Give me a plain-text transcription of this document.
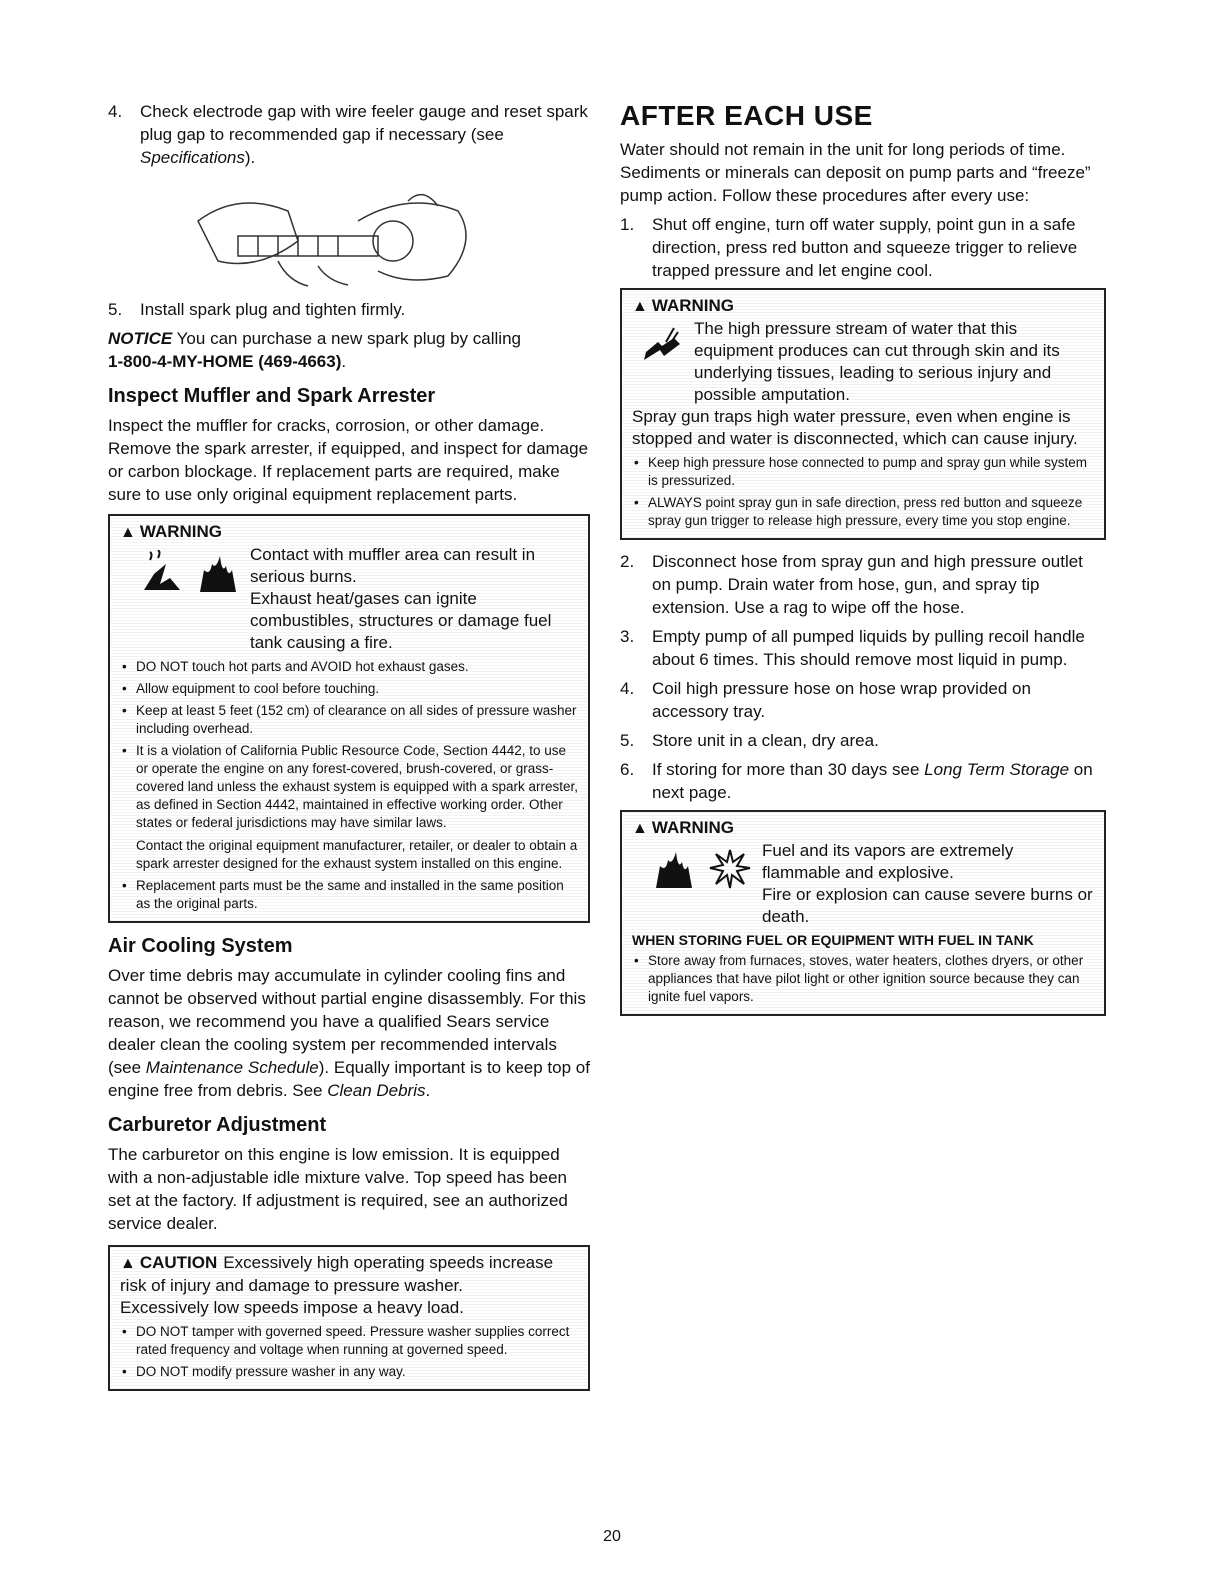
4.	Check electrode gap with wire feeler gauge and reset spark plug gap to recommended gap if necessary (see Specifications).
5.	Install spark plug and tighten firmly.

NOTICE You can purchase a new spark plug by calling
1-800-4-MY-HOME (469-4663).

Inspect Muffler and Spark Arrester

Inspect the muffler for cracks, corrosion, or other damage. Remove the spark arrester, if equipped, and inspect for damage or carbon blockage. If replacement parts are required, make sure to use only original equipment replacement parts.

▲ WARNING

Contact with muffler area can result in serious burns.

Exhaust heat/gases can ignite combustibles, structures or damage fuel tank causing a fire.

• DO NOT touch hot parts and AVOID hot exhaust gases.
• Allow equipment to cool before touching.
• Keep at least 5 feet (152 cm) of clearance on all sides of pressure washer including overhead.
• It is a violation of California Public Resource Code, Section 4442, to use or operate the engine on any forest-covered, brush-covered, or grass-covered land unless the exhaust system is equipped with a spark arrester, as defined in Section 4442, maintained in effective working order. Other states or federal jurisdictions may have similar laws.
Contact the original equipment manufacturer, retailer, or dealer to obtain a spark arrester designed for the exhaust system installed on this engine.
• Replacement parts must be the same and installed in the same position as the original parts.
Air Cooling System

Over time debris may accumulate in cylinder cooling fins and cannot be observed without partial engine disassembly. For this reason, we recommend you have a qualified Sears service dealer clean the cooling system per recommended intervals (see Maintenance Schedule). Equally important is to keep top of engine free from debris. See Clean Debris.

Carburetor Adjustment

The carburetor on this engine is low emission. It is equipped with a non-adjustable idle mixture valve. Top speed has been set at the factory. If adjustment is required, see an authorized service dealer.

▲ CAUTION Excessively high operating speeds increase risk of injury and damage to pressure washer.

Excessively low speeds impose a heavy load.

• DO NOT tamper with governed speed. Pressure washer supplies correct rated frequency and voltage when running at governed speed.
• DO NOT modify pressure washer in any way.
AFTER EACH USE

Water should not remain in the unit for long periods of time. Sediments or minerals can deposit on pump parts and “freeze” pump action. Follow these procedures after every use:

1.	Shut off engine, turn off water supply, point gun in a safe direction, press red button and squeeze trigger to relieve trapped pressure and let engine cool.
▲ WARNING

The high pressure stream of water that this equipment produces can cut through skin and its underlying tissues, leading to serious injury and possible amputation.

Spray gun traps high water pressure, even when engine is stopped and water is disconnected, which can cause injury.

• Keep high pressure hose connected to pump and spray gun while system is pressurized.
• ALWAYS point spray gun in safe direction, press red button and squeeze spray gun trigger to release high pressure, every time you stop engine.
2.	Disconnect hose from spray gun and high pressure outlet on pump. Drain water from hose, gun, and spray tip extension. Use a rag to wipe off the hose.
3.	Empty pump of all pumped liquids by pulling recoil handle about 6 times. This should remove most liquid in pump.
4.	Coil high pressure hose on hose wrap provided on accessory tray.
5.	Store unit in a clean, dry area.
6.	If storing for more than 30 days see Long Term Storage on next page.
▲ WARNING

Fuel and its vapors are extremely flammable and explosive.

Fire or explosion can cause severe burns or death.

WHEN STORING FUEL OR EQUIPMENT WITH FUEL IN TANK

• Store away from furnaces, stoves, water heaters, clothes dryers, or other appliances that have pilot light or other ignition source because they can ignite fuel vapors.
20
